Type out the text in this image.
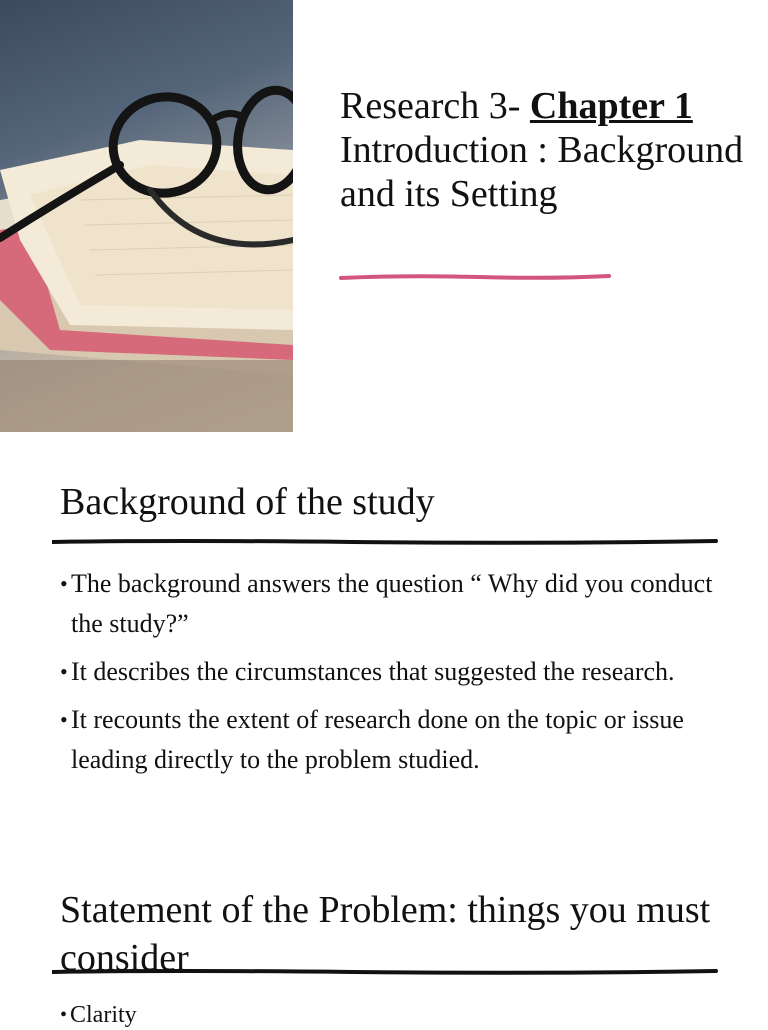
Research 3- Chapter 1
Introduction : Background and its Setting
Background of the study
• The background answers the question “ Why did you conduct the study?”
• It describes the circumstances that suggested the research.
• It recounts the extent of research done on the topic or issue leading directly to the problem studied.
Statement of the Problem: things you must consider
• Clarity
